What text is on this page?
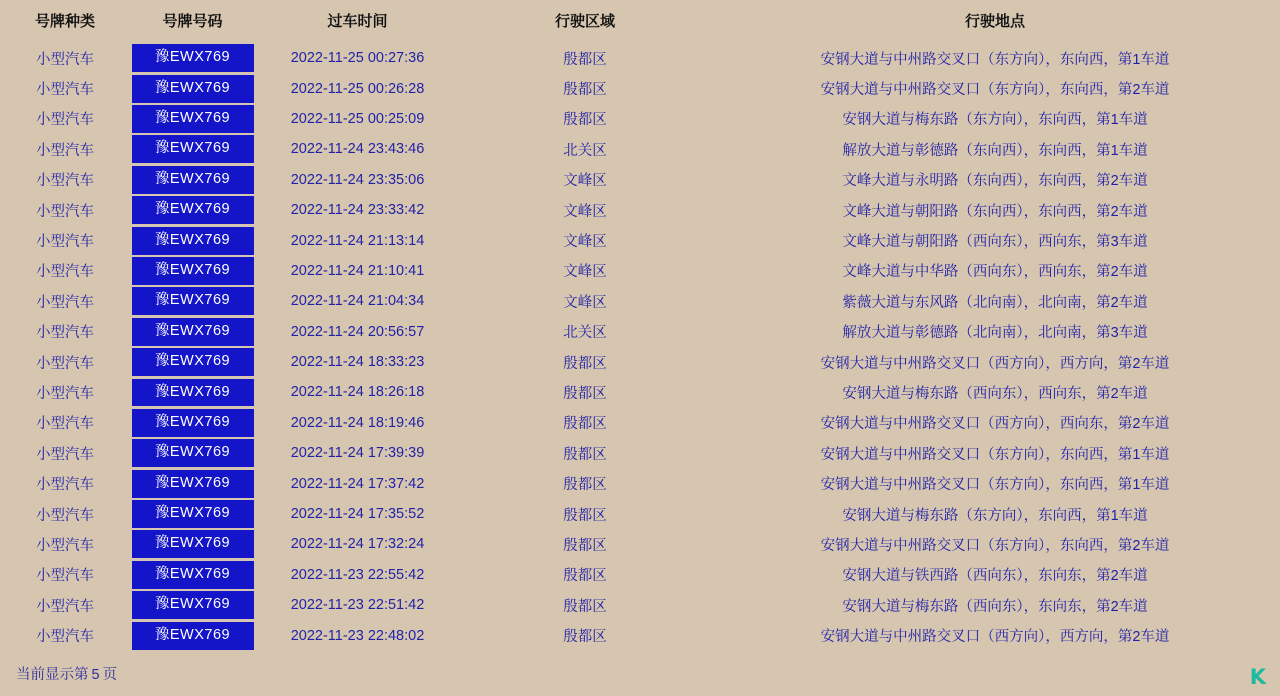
号牌种类	号牌号码	过车时间	行驶区域	行驶地点
小型汽车	豫EWX769	2022-11-25 00:27:36	殷都区	安钢大道与中州路交叉口（东方向），东向西，第1车道
小型汽车	豫EWX769	2022-11-25 00:26:28	殷都区	安钢大道与中州路交叉口（东方向），东向西，第2车道
小型汽车	豫EWX769	2022-11-25 00:25:09	殷都区	安钢大道与梅东路（东方向），东向西，第1车道
小型汽车	豫EWX769	2022-11-24 23:43:46	北关区	解放大道与彰德路（东向西），东向西，第1车道
小型汽车	豫EWX769	2022-11-24 23:35:06	文峰区	文峰大道与永明路（东向西），东向西，第2车道
小型汽车	豫EWX769	2022-11-24 23:33:42	文峰区	文峰大道与朝阳路（东向西），东向西，第2车道
小型汽车	豫EWX769	2022-11-24 21:13:14	文峰区	文峰大道与朝阳路（西向东），西向东，第3车道
小型汽车	豫EWX769	2022-11-24 21:10:41	文峰区	文峰大道与中华路（西向东），西向东，第2车道
小型汽车	豫EWX769	2022-11-24 21:04:34	文峰区	紫薇大道与东风路（北向南），北向南，第2车道
小型汽车	豫EWX769	2022-11-24 20:56:57	北关区	解放大道与彰德路（北向南），北向南，第3车道
小型汽车	豫EWX769	2022-11-24 18:33:23	殷都区	安钢大道与中州路交叉口（西方向），西方向，第2车道
小型汽车	豫EWX769	2022-11-24 18:26:18	殷都区	安钢大道与梅东路（西向东），西向东，第2车道
小型汽车	豫EWX769	2022-11-24 18:19:46	殷都区	安钢大道与中州路交叉口（西方向），西向东，第2车道
小型汽车	豫EWX769	2022-11-24 17:39:39	殷都区	安钢大道与中州路交叉口（东方向），东向西，第1车道
小型汽车	豫EWX769	2022-11-24 17:37:42	殷都区	安钢大道与中州路交叉口（东方向），东向西，第1车道
小型汽车	豫EWX769	2022-11-24 17:35:52	殷都区	安钢大道与梅东路（东方向），东向西，第1车道
小型汽车	豫EWX769	2022-11-24 17:32:24	殷都区	安钢大道与中州路交叉口（东方向），东向西，第2车道
小型汽车	豫EWX769	2022-11-23 22:55:42	殷都区	安钢大道与铁西路（西向东），东向东，第2车道
小型汽车	豫EWX769	2022-11-23 22:51:42	殷都区	安钢大道与梅东路（西向东），东向东，第2车道
小型汽车	豫EWX769	2022-11-23 22:48:02	殷都区	安钢大道与中州路交叉口（西方向），西方向，第2车道
当前显示第 5 页	K
